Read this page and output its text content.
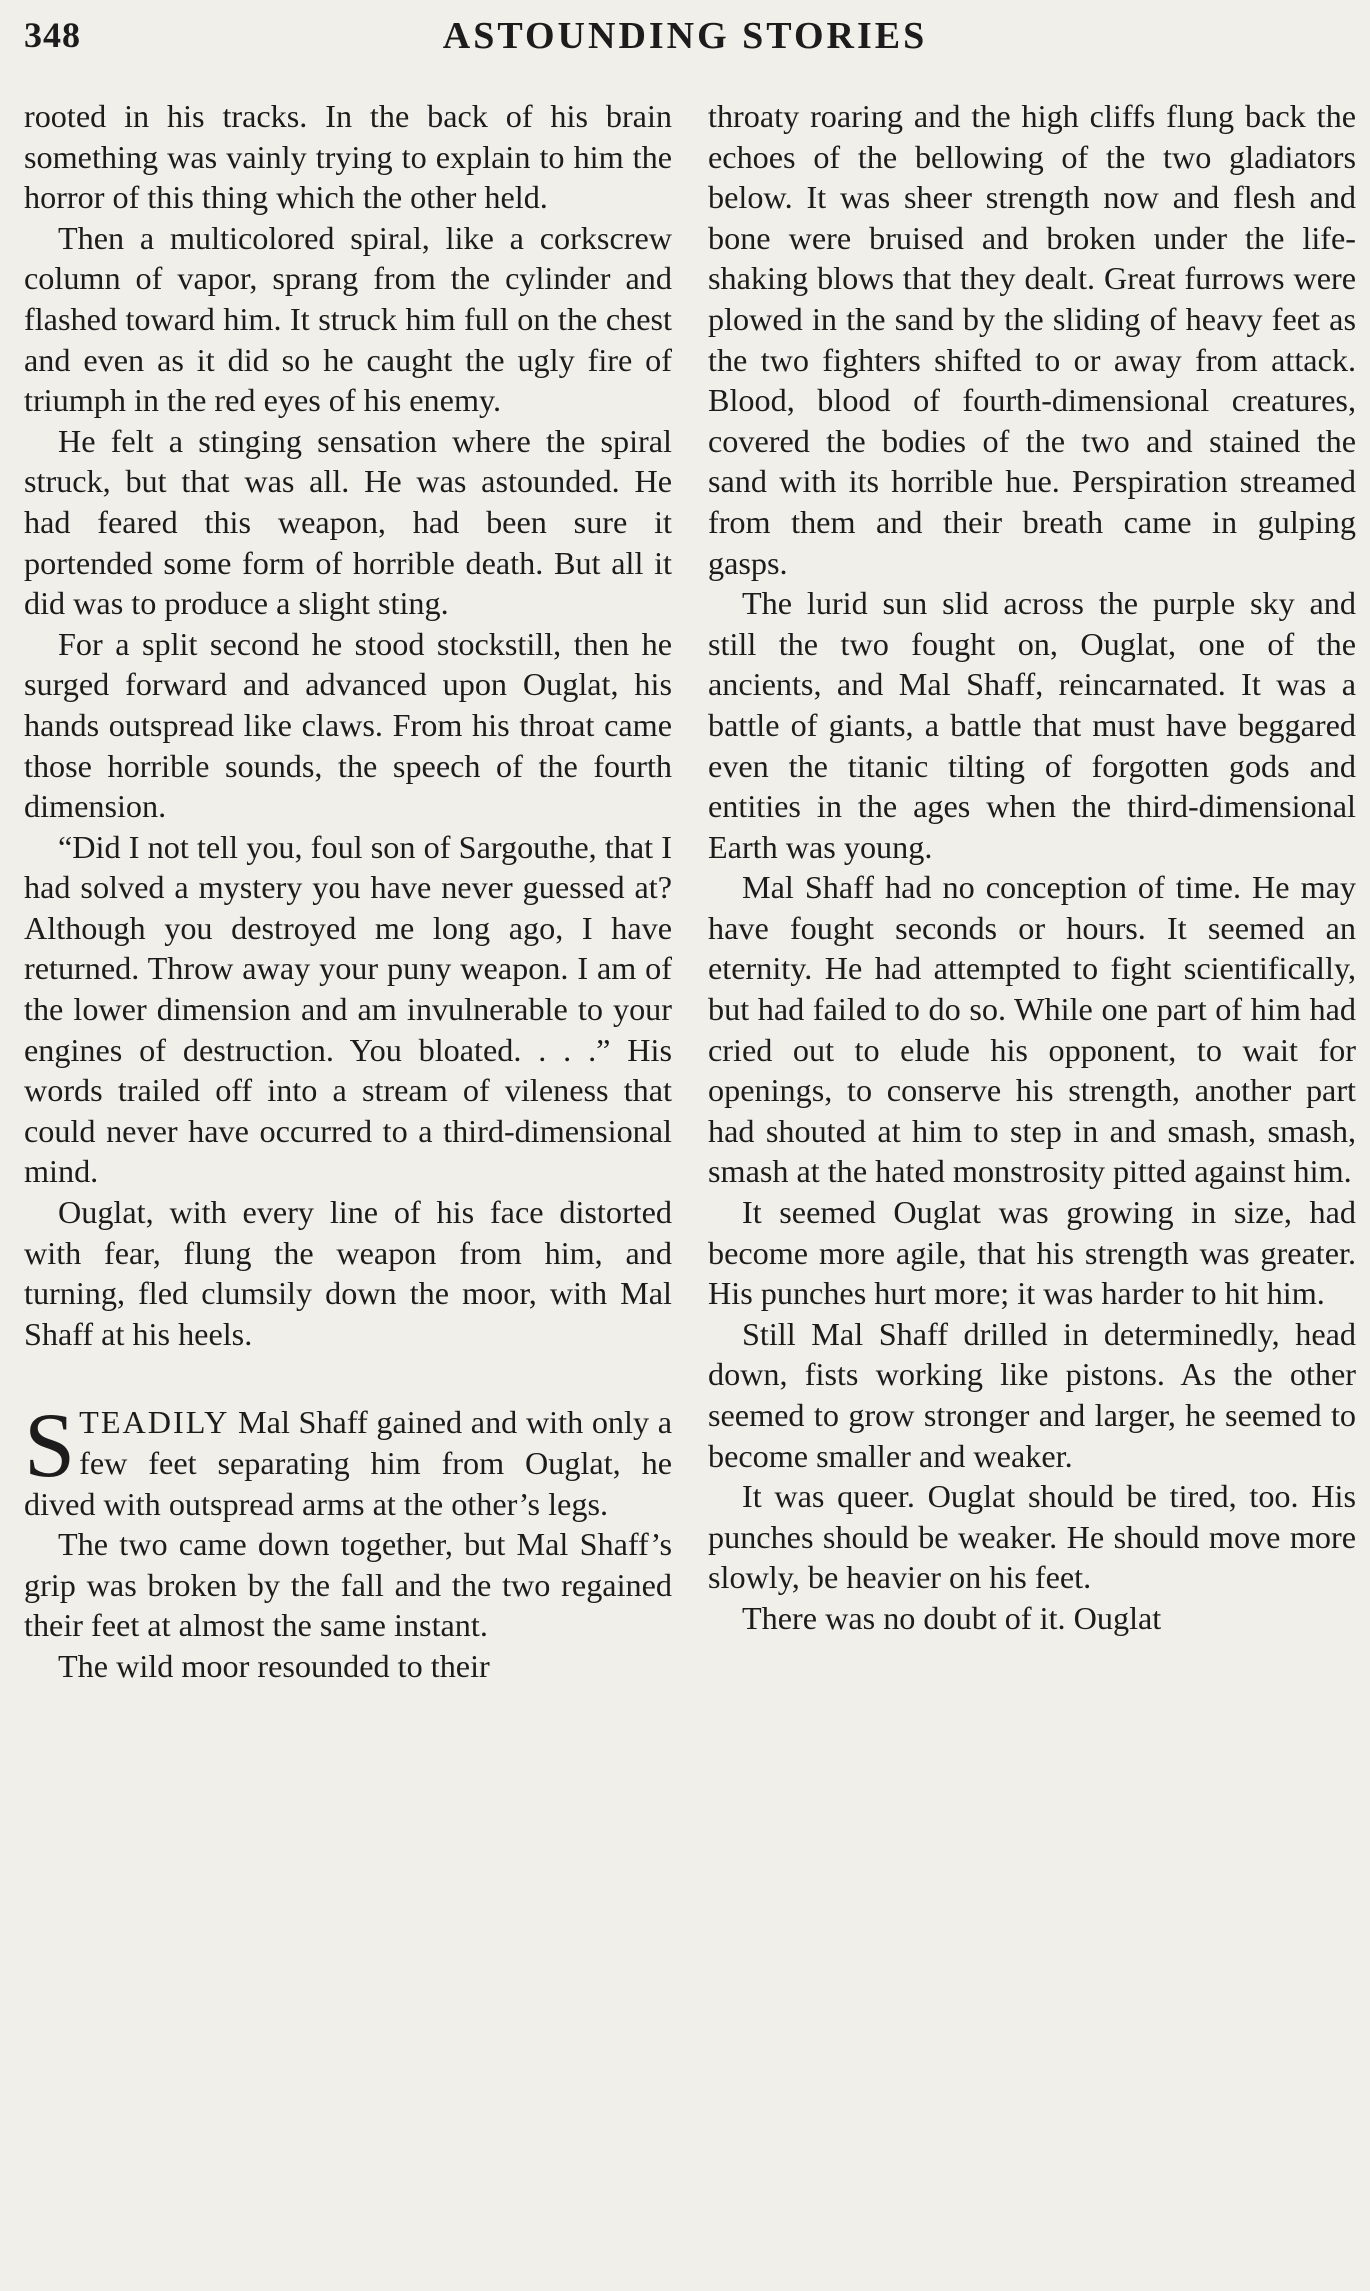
348	ASTOUNDING STORIES

rooted in his tracks. In the back of his brain something was vainly trying to explain to him the horror of this thing which the other held.

Then a multicolored spiral, like a corkscrew column of vapor, sprang from the cylinder and flashed toward him. It struck him full on the chest and even as it did so he caught the ugly fire of triumph in the red eyes of his enemy.

He felt a stinging sensation where the spiral struck, but that was all. He was astounded. He had feared this weapon, had been sure it portended some form of horrible death. But all it did was to produce a slight sting.

For a split second he stood stockstill, then he surged forward and advanced upon Ouglat, his hands outspread like claws. From his throat came those horrible sounds, the speech of the fourth dimension.

“Did I not tell you, foul son of Sargouthe, that I had solved a mystery you have never guessed at? Although you destroyed me long ago, I have returned. Throw away your puny weapon. I am of the lower dimension and am invulnerable to your engines of destruction. You bloated. . . .” His words trailed off into a stream of vileness that could never have occurred to a third-dimensional mind.

Ouglat, with every line of his face distorted with fear, flung the weapon from him, and turning, fled clumsily down the moor, with Mal Shaff at his heels.

STEADILY Mal Shaff gained and with only a few feet separating him from Ouglat, he dived with outspread arms at the other’s legs.

The two came down together, but Mal Shaff’s grip was broken by the fall and the two regained their feet at almost the same instant.

The wild moor resounded to their

throaty roaring and the high cliffs flung back the echoes of the bellowing of the two gladiators below. It was sheer strength now and flesh and bone were bruised and broken under the life-shaking blows that they dealt. Great furrows were plowed in the sand by the sliding of heavy feet as the two fighters shifted to or away from attack. Blood, blood of fourth-dimensional creatures, covered the bodies of the two and stained the sand with its horrible hue. Perspiration streamed from them and their breath came in gulping gasps.

The lurid sun slid across the purple sky and still the two fought on, Ouglat, one of the ancients, and Mal Shaff, reincarnated. It was a battle of giants, a battle that must have beggared even the titanic tilting of forgotten gods and entities in the ages when the third-dimensional Earth was young.

Mal Shaff had no conception of time. He may have fought seconds or hours. It seemed an eternity. He had attempted to fight scientifically, but had failed to do so. While one part of him had cried out to elude his opponent, to wait for openings, to conserve his strength, another part had shouted at him to step in and smash, smash, smash at the hated monstrosity pitted against him.

It seemed Ouglat was growing in size, had become more agile, that his strength was greater. His punches hurt more; it was harder to hit him.

Still Mal Shaff drilled in determinedly, head down, fists working like pistons. As the other seemed to grow stronger and larger, he seemed to become smaller and weaker.

It was queer. Ouglat should be tired, too. His punches should be weaker. He should move more slowly, be heavier on his feet.

There was no doubt of it. Ouglat
